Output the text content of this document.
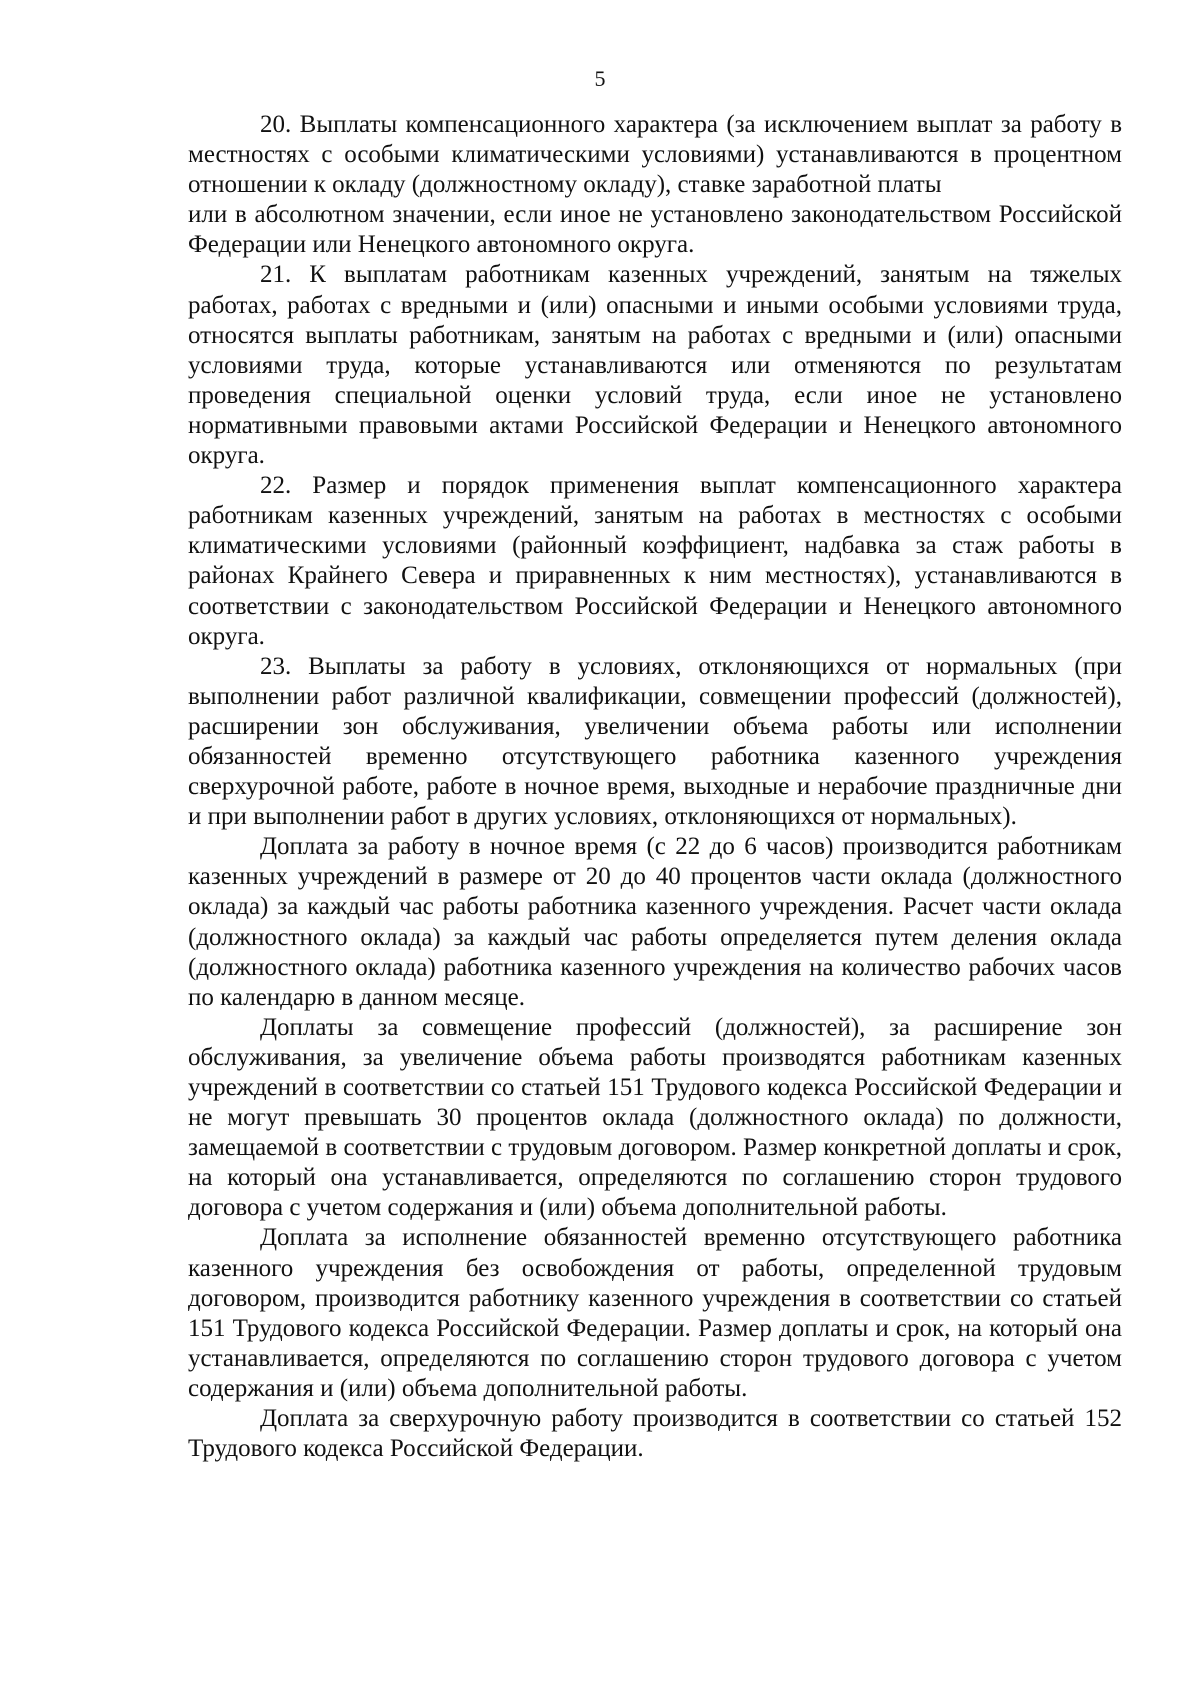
5

20. Выплаты компенсационного характера (за исключением выплат за работу в местностях с особыми климатическими условиями) устанавливаются в процентном отношении к окладу (должностному окладу), ставке заработной платы

или в абсолютном значении, если иное не установлено законодательством Российской Федерации или Ненецкого автономного округа.

21. К выплатам работникам казенных учреждений, занятым на тяжелых работах, работах с вредными и (или) опасными и иными особыми условиями труда, относятся выплаты работникам, занятым на работах с вредными и (или) опасными условиями труда, которые устанавливаются или отменяются по результатам проведения специальной оценки условий труда, если иное не установлено нормативными правовыми актами Российской Федерации и Ненецкого автономного округа.

22. Размер и порядок применения выплат компенсационного характера работникам казенных учреждений, занятым на работах в местностях с особыми климатическими условиями (районный коэффициент, надбавка за стаж работы в районах Крайнего Севера и приравненных к ним местностях), устанавливаются в соответствии с законодательством Российской Федерации и Ненецкого автономного округа.

23. Выплаты за работу в условиях, отклоняющихся от нормальных (при выполнении работ различной квалификации, совмещении профессий (должностей), расширении зон обслуживания, увеличении объема работы или исполнении обязанностей временно отсутствующего работника казенного учреждения сверхурочной работе, работе в ночное время, выходные и нерабочие праздничные дни и при выполнении работ в других условиях, отклоняющихся от нормальных).

Доплата за работу в ночное время (с 22 до 6 часов) производится работникам казенных учреждений в размере от 20 до 40 процентов части оклада (должностного оклада) за каждый час работы работника казенного учреждения. Расчет части оклада (должностного оклада) за каждый час работы определяется путем деления оклада (должностного оклада) работника казенного учреждения на количество рабочих часов по календарю в данном месяце.

Доплаты за совмещение профессий (должностей), за расширение зон обслуживания, за увеличение объема работы производятся работникам казенных учреждений в соответствии со статьей 151 Трудового кодекса Российской Федерации и не могут превышать 30 процентов оклада (должностного оклада) по должности, замещаемой в соответствии с трудовым договором. Размер конкретной доплаты и срок, на который она устанавливается, определяются по соглашению сторон трудового договора с учетом содержания и (или) объема дополнительной работы.

Доплата за исполнение обязанностей временно отсутствующего работника казенного учреждения без освобождения от работы, определенной трудовым договором, производится работнику казенного учреждения в соответствии со статьей 151 Трудового кодекса Российской Федерации. Размер доплаты и срок, на который она устанавливается, определяются по соглашению сторон трудового договора с учетом содержания и (или) объема дополнительной работы.

Доплата за сверхурочную работу производится в соответствии со статьей 152 Трудового кодекса Российской Федерации.
